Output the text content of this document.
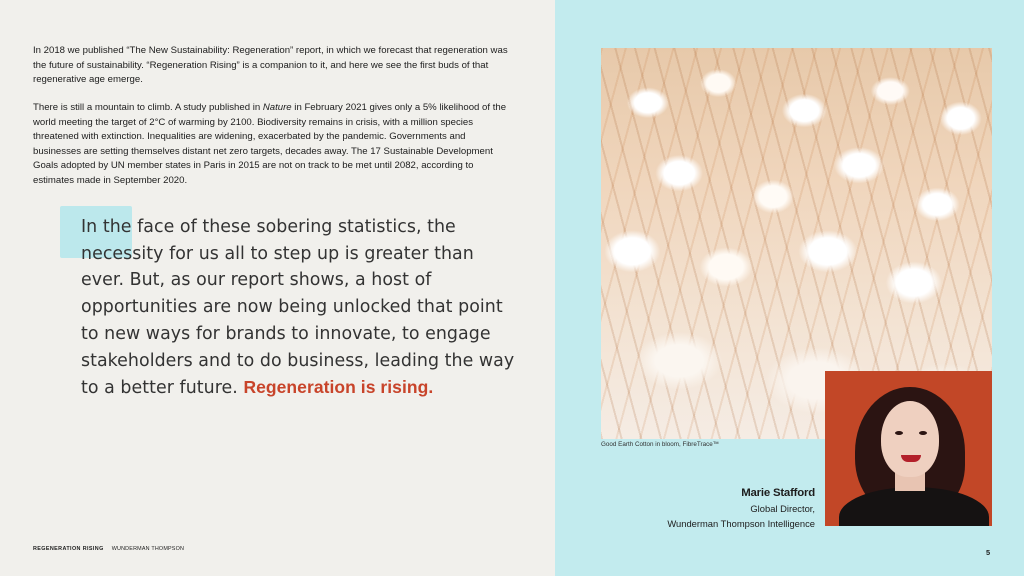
In 2018 we published “The New Sustainability: Regeneration” report, in which we forecast that regeneration was the future of sustainability. “Regeneration Rising” is a companion to it, and here we see the first buds of that regenerative age emerge.

There is still a mountain to climb. A study published in Nature in February 2021 gives only a 5% likelihood of the world meeting the target of 2°C of warming by 2100. Biodiversity remains in crisis, with a million species threatened with extinction. Inequalities are widening, exacerbated by the pandemic. Governments and businesses are setting themselves distant net zero targets, decades away. The 17 Sustainable Development Goals adopted by UN member states in Paris in 2015 are not on track to be met until 2082, according to estimates made in September 2020.

In the face of these sobering statistics, the necessity for us all to step up is greater than ever. But, as our report shows, a host of opportunities are now being unlocked that point to new ways for brands to innovate, to engage stakeholders and to do business, leading the way to a better future. Regeneration is rising.

REGENERATION RISING WUNDERMAN THOMPSON
Good Earth Cotton in bloom, FibreTrace™
Marie Stafford
Global Director,
Wunderman Thompson Intelligence
5
